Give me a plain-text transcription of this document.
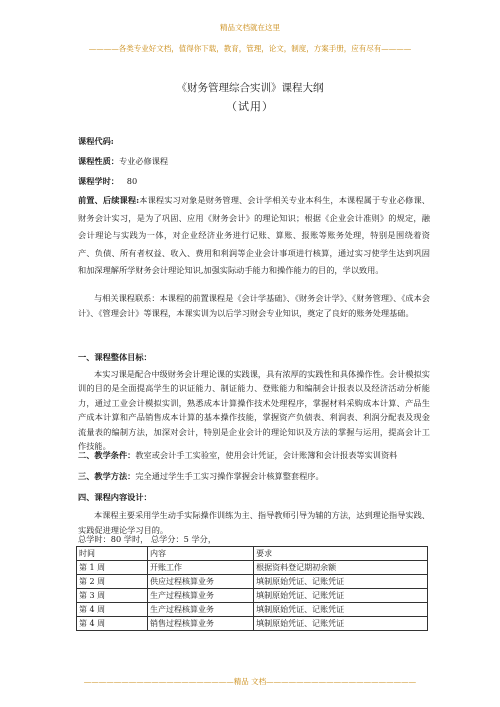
精品文档就在这里
————各类专业好文档，值得你下载，教育，管理，论文，制度，方案手册，应有尽有————
《财务管理综合实训》课程大纲
（试用）
课程代码:
课程性质：专业必修课程
课程学时： 80
前置、后续课程:本课程实习对象是财务管理、会计学相关专业本科生，本课程属于专业必修课、财务会计实习，是为了巩固、应用《财务会计》的理论知识；根据《企业会计准则》的规定，融会计理论与实践为一体，对企业经济业务进行记账、算账、报账等账务处理，特别是围绕着资产、负债、所有者权益、收入、费用和利润等企业会计事项进行核算，通过实习使学生达到巩固和加深理解所学财务会计理论知识,加强实际动手能力和操作能力的目的，学以致用。
与相关课程联系：本课程的前置课程是《会计学基础》、《财务会计学》、《财务管理》、《成本会计》、《管理会计》等课程，本课实训为以后学习财会专业知识，奠定了良好的账务处理基础。
一、课程整体目标：
本实习课是配合中级财务会计理论课的实践课，具有浓厚的实践性和具体操作性。会计模拟实训的目的是全面提高学生的识证能力、制证能力、登账能力和编制会计报表以及经济活动分析能力，通过工业会计模拟实训，熟悉成本计算操作技术处理程序，掌握材料采购成本计算、产品生产成本计算和产品销售成本计算的基本操作技能，掌握资产负债表、利润表、利润分配表及现金流量表的编制方法，加深对会计，特别是企业会计的理论知识及方法的掌握与运用，提高会计工作技能。
二、教学条件：教室或会计手工实验室，使用会计凭证，会计账簿和会计报表等实训资料
三、教学方法：完全通过学生手工实习操作掌握会计核算整套程序。
四、课程内容设计：
本课程主要采用学生动手实际操作训练为主、指导教师引导为辅的方法，达到理论指导实践、实践促进理论学习目的。
总学时：80 学时， 总学分：5 学分，
时间	内容	要求
第 1 周	开账工作	根据资料登记期初余额
第 2 周	供应过程核算业务	填制原始凭证、记账凭证
第 3 周	生产过程核算业务	填制原始凭证、记账凭证
第 4 周	生产过程核算业务	填制原始凭证、记账凭证
第 4 周	销售过程核算业务	填制原始凭证、记账凭证
————————————————————精品 文档————————————————————
